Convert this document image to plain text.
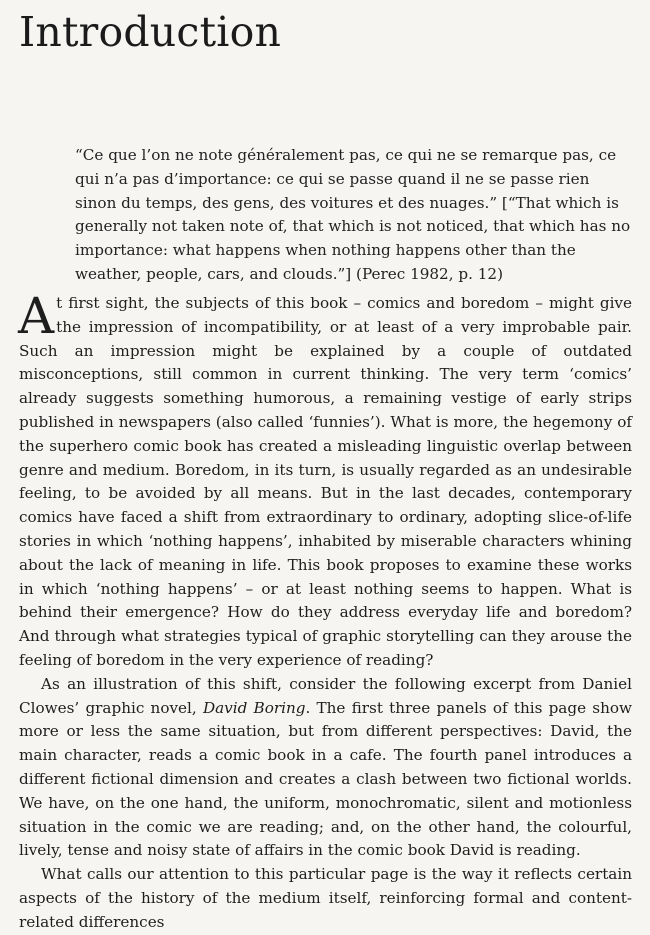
Introduction
“Ce que l’on ne note généralement pas, ce qui ne se remarque pas, ce qui n’a pas d’importance: ce qui se passe quand il ne se passe rien sinon du temps, des gens, des voitures et des nuages.” [“That which is generally not taken note of, that which is not noticed, that which has no importance: what happens when nothing happens other than the weather, people, cars, and clouds.”] (Perec 1982, p. 12)

At first sight, the subjects of this book – comics and boredom – might give the impression of incompatibility, or at least of a very improbable pair. Such an impression might be explained by a couple of outdated misconceptions, still common in current thinking. The very term ‘comics’ already suggests something humorous, a remaining vestige of early strips published in newspapers (also called ‘funnies’). What is more, the hegemony of the superhero comic book has created a misleading linguistic overlap between genre and medium. Boredom, in its turn, is usually regarded as an undesirable feeling, to be avoided by all means. But in the last decades, contemporary comics have faced a shift from extraordinary to ordinary, adopting slice-of-life stories in which ‘nothing happens’, inhabited by miserable characters whining about the lack of meaning in life. This book proposes to examine these works in which ‘nothing happens’ – or at least nothing seems to happen. What is behind their emergence? How do they address everyday life and boredom? And through what strategies typical of graphic storytelling can they arouse the feeling of boredom in the very experience of reading?

As an illustration of this shift, consider the following excerpt from Daniel Clowes’ graphic novel, David Boring. The first three panels of this page show more or less the same situation, but from different perspectives: David, the main character, reads a comic book in a cafe. The fourth panel introduces a different fictional dimension and creates a clash between two fictional worlds. We have, on the one hand, the uniform, monochromatic, silent and motionless situation in the comic we are reading; and, on the other hand, the colourful, lively, tense and noisy state of affairs in the comic book David is reading.

What calls our attention to this particular page is the way it reflects certain aspects of the history of the medium itself, reinforcing formal and content-related differences
